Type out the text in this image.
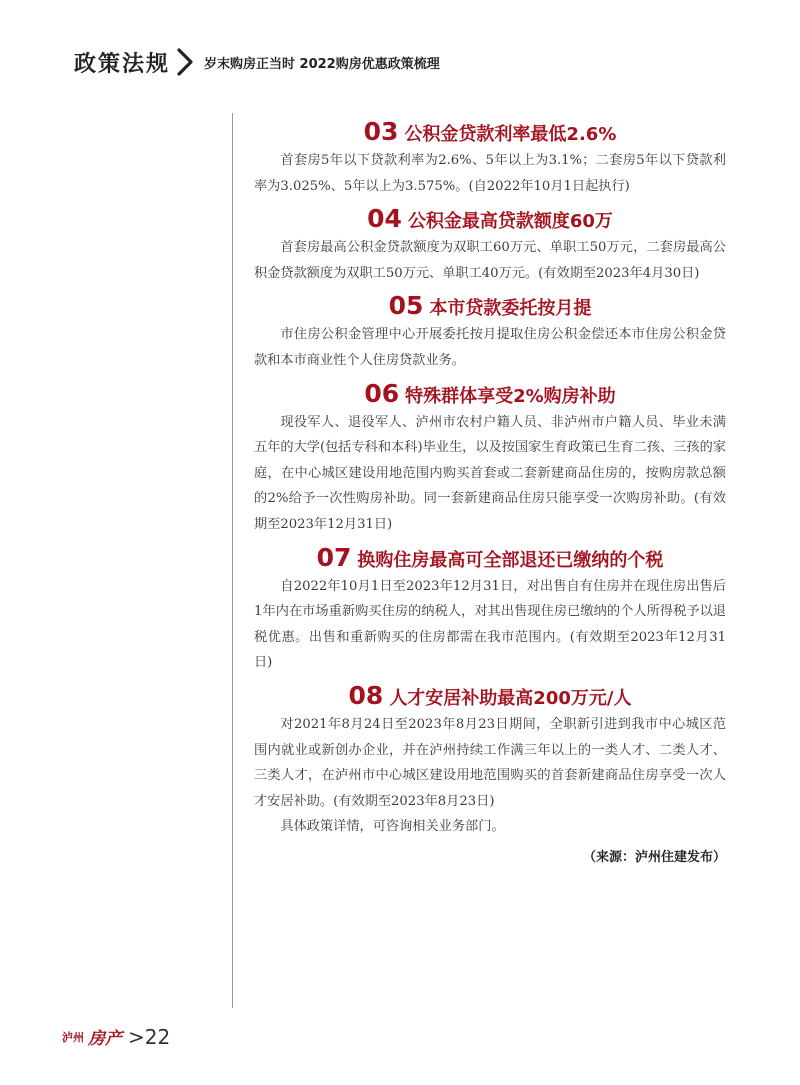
政策法规	岁末购房正当时 2022购房优惠政策梳理
03 公积金贷款利率最低2.6%

首套房5年以下贷款利率为2.6%、5年以上为3.1%；二套房5年以下贷款利率为3.025%、5年以上为3.575%。(自2022年10月1日起执行)

04 公积金最高贷款额度60万

首套房最高公积金贷款额度为双职工60万元、单职工50万元，二套房最高公积金贷款额度为双职工50万元、单职工40万元。(有效期至2023年4月30日)

05 本市贷款委托按月提

市住房公积金管理中心开展委托按月提取住房公积金偿还本市住房公积金贷款和本市商业性个人住房贷款业务。

06 特殊群体享受2%购房补助

现役军人、退役军人、泸州市农村户籍人员、非泸州市户籍人员、毕业未满五年的大学(包括专科和本科)毕业生，以及按国家生育政策已生育二孩、三孩的家庭，在中心城区建设用地范围内购买首套或二套新建商品住房的，按购房款总额的2%给予一次性购房补助。同一套新建商品住房只能享受一次购房补助。(有效期至2023年12月31日)

07 换购住房最高可全部退还已缴纳的个税

自2022年10月1日至2023年12月31日，对出售自有住房并在现住房出售后1年内在市场重新购买住房的纳税人，对其出售现住房已缴纳的个人所得税予以退税优惠。出售和重新购买的住房都需在我市范围内。(有效期至2023年12月31日)

08 人才安居补助最高200万元/人

对2021年8月24日至2023年8月23日期间，全职新引进到我市中心城区范围内就业或新创办企业，并在泸州持续工作满三年以上的一类人才、二类人才、三类人才，在泸州市中心城区建设用地范围购买的首套新建商品住房享受一次人才安居补助。(有效期至2023年8月23日)

具体政策详情，可咨询相关业务部门。

（来源：泸州住建发布）
泸州 房产 > 22
